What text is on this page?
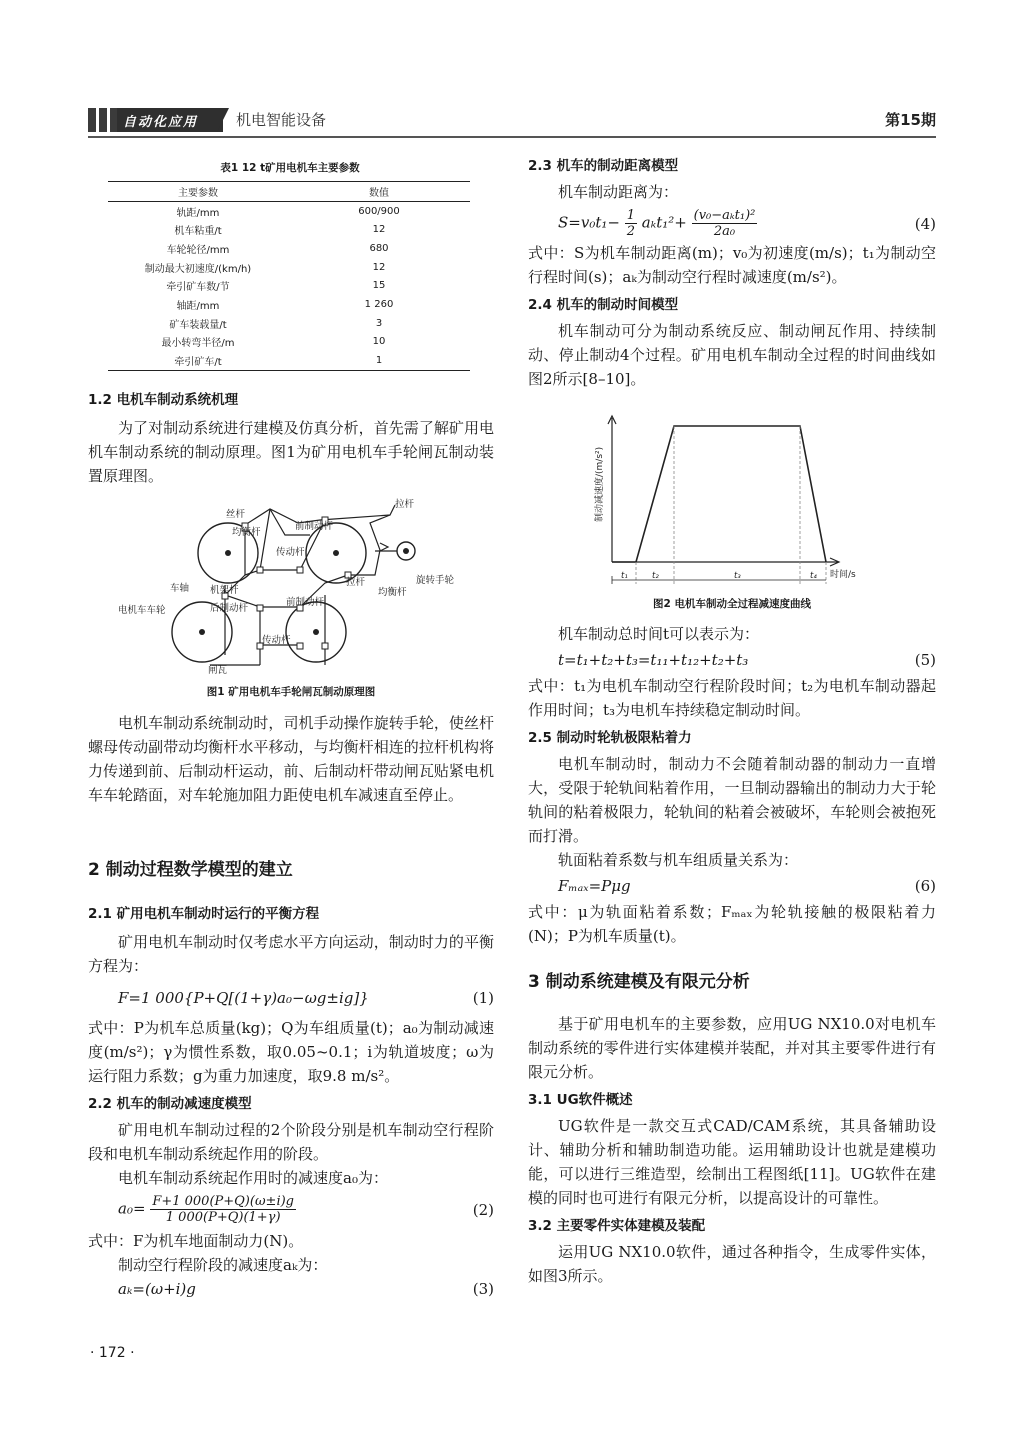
自动化应用	机电智能设备	第15期
表1 12 t矿用电机车主要参数
主要参数	数值
轨距/mm	600/900
机车粘重/t	12
车轮轮径/mm	680
制动最大初速度/(km/h)	12
牵引矿车数/节	15
轴距/mm	1 260
矿车装载量/t	3
最小转弯半径/m	10
牵引矿车/t	1

1.2 电机车制动系统机理

为了对制动系统进行建模及仿真分析，首先需了解矿用电机车制动系统的制动原理。图1为矿用电机车手轮闸瓦制动装置原理图。

丝杆
均衡杆
前制动杆
传动杆
拉杆
旋转手轮
车轴 机架杆
电机车车轮	后制动杆
前制动杆
传动杆
闸瓦
拉杆
均衡杆
图1 矿用电机车手轮闸瓦制动原理图

电机车制动系统制动时，司机手动操作旋转手轮，使丝杆螺母传动副带动均衡杆水平移动，与均衡杆相连的拉杆机构将力传递到前、后制动杆运动，前、后制动杆带动闸瓦贴紧电机车车轮踏面，对车轮施加阻力距使电机车减速直至停止。

2 制动过程数学模型的建立

2.1 矿用电机车制动时运行的平衡方程

矿用电机车制动时仅考虑水平方向运动，制动时力的平衡方程为：

F=1 000{P+Q[(1+γ)a₀−ωg±ig]}	(1)

式中：P为机车总质量(kg)；Q为车组质量(t)；a₀为制动减速度(m/s²)；γ为惯性系数，取0.05~0.1；i为轨道坡度；ω为运行阻力系数；g为重力加速度，取9.8 m/s²。

2.2 机车的制动减速度模型

矿用电机车制动过程的2个阶段分别是机车制动空行程阶段和电机车制动系统起作用的阶段。

电机车制动系统起作用时的减速度a₀为：

$a_0= \frac{F+1 000(P+Q)(\omega\pm i)g}{1 000(P+Q)(1+\gamma)}$	(2)

式中：F为机车地面制动力(N)。

制动空行程阶段的减速度aₖ为：

aₖ=(ω+i)g	(3)

2.3 机车的制动距离模型

机车制动距离为：

$S=v_0t_1- \frac{1}{2} a_kt_1^2+ \frac{\text{(v₀−aₖt₁)²}}{\text{2a₀}}$	(4)

式中：S为机车制动距离(m)；v₀为初速度(m/s)；t₁为制动空行程时间(s)；aₖ为制动空行程时减速度(m/s²)。

2.4 机车的制动时间模型

机车制动可分为制动系统反应、制动闸瓦作用、持续制动、停止制动4个过程。矿用电机车制动全过程的时间曲线如图2所示[8–10]。

t₁	t₂	t₃	t₄ 时间/s
制动减速度/(m/s²)
图2 电机车制动全过程减速度曲线

机车制动总时间t可以表示为：

t=t₁+t₂+t₃=t₁₁+t₁₂+t₂+t₃	(5)

式中：t₁为电机车制动空行程阶段时间；t₂为电机车制动器起作用时间；t₃为电机车持续稳定制动时间。

2.5 制动时轮轨极限粘着力

电机车制动时，制动力不会随着制动器的制动力一直增大，受限于轮轨间粘着作用，一旦制动器输出的制动力大于轮轨间的粘着极限力，轮轨间的粘着会被破坏，车轮则会被抱死而打滑。

轨面粘着系数与机车组质量关系为：

Fₘₐₓ=Pμg	(6)

式中：μ为轨面粘着系数；Fₘₐₓ为轮轨接触的极限粘着力(N)；P为机车质量(t)。

3 制动系统建模及有限元分析

基于矿用电机车的主要参数，应用UG NX10.0对电机车制动系统的零件进行实体建模并装配，并对其主要零件进行有限元分析。

3.1 UG软件概述

UG软件是一款交互式CAD/CAM系统，其具备辅助设计、辅助分析和辅助制造功能。运用辅助设计也就是建模功能，可以进行三维造型，绘制出工程图纸[11]。UG软件在建模的同时也可进行有限元分析，以提高设计的可靠性。

3.2 主要零件实体建模及装配

运用UG NX10.0软件，通过各种指令，生成零件实体，如图3所示。

· 172 ·
